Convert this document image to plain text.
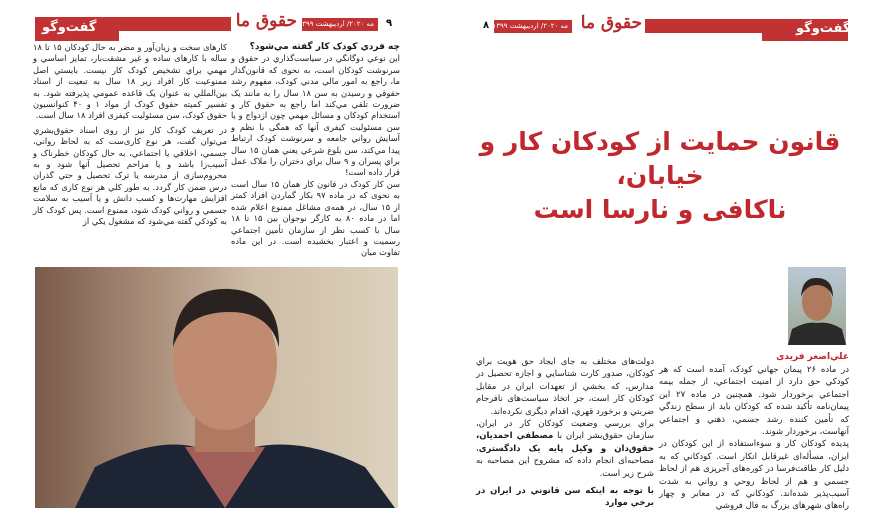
گفت‌وگو	حقوق ما مه ۲۰۲۰/ اردیبهشت ۱۳۹۹	۹
چه فردي کودک کار گفته مي‌شود؟

اين نوعي دوگانگي در سياست‌گذاري در حقوق و سرنوشت کودکان است، به نحوی که قانون‌گذار ما، راجع به امور مالي مدني کودک، مفهوم رشد حقوقي و رسيدن به سن ۱۸ سال را به مانند يک ضرورت تلقي مي‌کند اما راجع به حقوق کار و استخدام کودکان و مسائل مهمي چون ازدواج و يا سن مسئوليت کيفری آنها که همگی با نظم و آسايش رواني جامعه و سرنوشت کودک ارتباط پيدا مي‌کند، سن بلوغ شرعي يعني همان ۱۵ سال براي پسران و ۹ سال براي دختران را ملاک عمل قرار داده است!

سن کار کودک در قانون کار همان ۱۵ سال است به نحوی که در ماده ۹۷ بکار گماردن افراد کمتر از ۱۵ سال، در همه‌ی مشاغل ممنوع اعلام شده اما در ماده ۸۰ به کارگر نوجوان بين ۱۵ تا ۱۸ سال با کسب نظر از سازمان تأمين اجتماعي رسميت و اعتبار بخشيده است. در اين ماده تفاوت ميان

کارهای سخت و زيان‌آور و مضر به حال کودکان ۱۵ تا ۱۸ ساله با کارهای ساده و غير مشقت‌بار، تمايز اساسي و مهمي براي تشخيص کودک کار نيست. بايستي اصل ممنوعيت کار افراد زير ۱۸ سال به تبعيت از اسناد بين‌المللي به عنوان يک قاعده عمومي پذيرفته شود. به تفسير کميته حقوق کودک از مواد ۱ و ۴۰ کنوانسيون حقوق کودک، سن مسئوليت کيفری افراد ۱۸ سال است.

در تعريف کودک کار نيز از روی اسناد حقوق‌بشري مي‌توان گفت، هر نوع کاری‌ست که به لحاظ رواني، جسمي، اخلاقي يا اجتماعي، به حال کودکان خطرناک و آسيب‌زا باشد و يا مزاحم تحصيل آنها شود و به محروم‌سازی از مدرسه يا ترک تحصيل و حتي گذران درس ضمن کار گردد. به طور کلي هر نوع کاری که مانع افزايش مهارت‌ها و کسب دانش و يا آسيب به سلامت جسمي و رواني کودک شود، ممنوع است. پس کودک کار به کودکي گفته مي‌شود که مشغول يکي از

گفت‌وگو
حقوق ما
مه ۲۰۲۰/ اردیبهشت ۱۳۹۹
۸
قانون حمايت از کودکان کار و خيابان،
ناکافی و نارسا است
علي‌اصغر فريدی

در ماده ۲۶ پيمان جهاني کودک، آمده است که هر کودکي حق دارد از امنيت اجتماعي، از جمله بيمه اجتماعي برخوردار شود. همچنين در ماده ۲۷ اين پيمان‌نامه تأکيد شده که کودکان بايد از سطح زندگي که تأمين کننده رشد جسمي، ذهني و اجتماعي آنهاست، برخوردار شوند.

پديده کودکان کار و سوءاستفاده از اين کودکان در ايران، مسأله‌ای غيرقابل انکار است. کودکاني که به دليل کار طاقت‌فرسا در کوره‌های آجرپزی هم از لحاظ جسمي و هم از لحاظ روحي و رواني به شدت آسيب‌پذير شده‌اند. کودکاني که در معابر و چهار راه‌های شهرهای بزرگ به فال فروشي

دولت‌های مختلف به جای ايجاد حق هويت براي کودکان، صدور کارت شناسايي و اجازه تحصيل در مدارس، که بخشي از تعهدات ايران در مقابل کودکان کار است، جز اتخاذ سياست‌های نافرجام ضربتي و برخورد قهري، اقدام ديگری نکرده‌اند.

براي بررسي وضعيت کودکان کار در ايران، سازمان حقوق‌بشر ايران با مصطفي احمديان، حقوق‌دان و وکيل پايه يک دادگستری، مصاحبه‌ای انجام داده که مشروح اين مصاحبه به شرح زير است.

با توجه به اينکه سن قانوني در ايران در برخي موارد
